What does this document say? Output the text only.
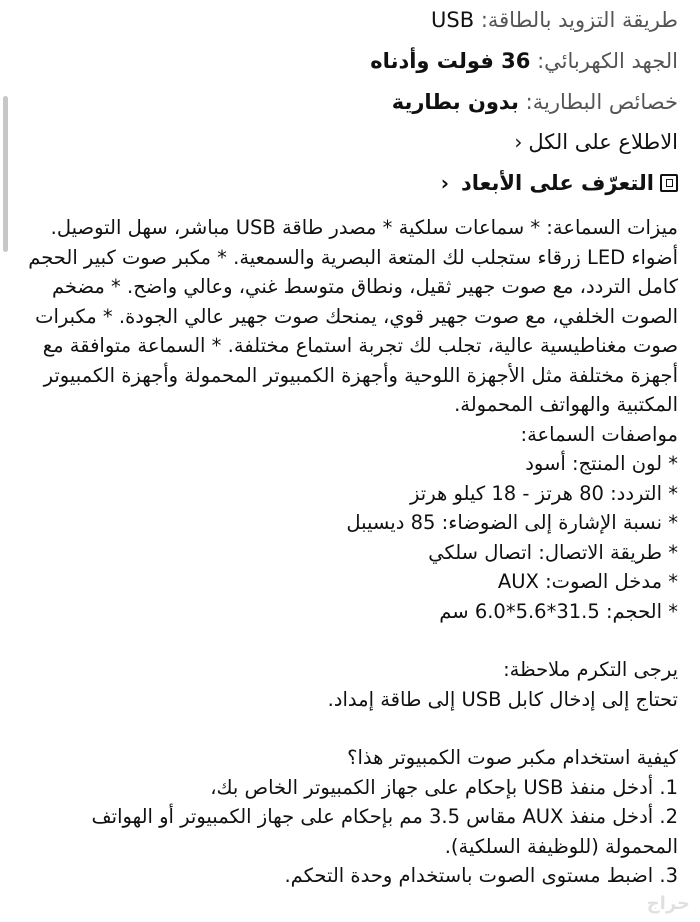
طريقة التزويد بالطاقة: USB
الجهد الكهربائي: 36 فولت وأدناه
خصائص البطارية: بدون بطارية
الاطلاع على الكل‹
التعرّف على الأبعاد
‹

ميزات السماعة: * سماعات سلكية * مصدر طاقة USB مباشر، سهل التوصيل. أضواء LED زرقاء ستجلب لك المتعة البصرية والسمعية. * مكبر صوت كبير الحجم كامل التردد، مع صوت جهير ثقيل، ونطاق متوسط غني، وعالي واضح. * مضخم الصوت الخلفي، مع صوت جهير قوي، يمنحك صوت جهير عالي الجودة. * مكبرات صوت مغناطيسية عالية، تجلب لك تجربة استماع مختلفة. * السماعة متوافقة مع أجهزة مختلفة مثل الأجهزة اللوحية وأجهزة الكمبيوتر المحمولة وأجهزة الكمبيوتر المكتبية والهواتف المحمولة.

مواصفات السماعة:

* لون المنتج: أسود

* التردد: 80 هرتز - 18 كيلو هرتز

* نسبة الإشارة إلى الضوضاء: 85 ديسيبل

* طريقة الاتصال: اتصال سلكي

* مدخل الصوت: AUX

* الحجم: 31.5*5.6*6.0 سم

يرجى التكرم ملاحظة:

تحتاج إلى إدخال كابل USB إلى طاقة إمداد.

كيفية استخدام مكبر صوت الكمبيوتر هذا؟

1. أدخل منفذ USB بإحكام على جهاز الكمبيوتر الخاص بك،

2. أدخل منفذ AUX مقاس 3.5 مم بإحكام على جهاز الكمبيوتر أو الهواتف المحمولة (للوظيفة السلكية).

3. اضبط مستوى الصوت باستخدام وحدة التحكم.

حراج
